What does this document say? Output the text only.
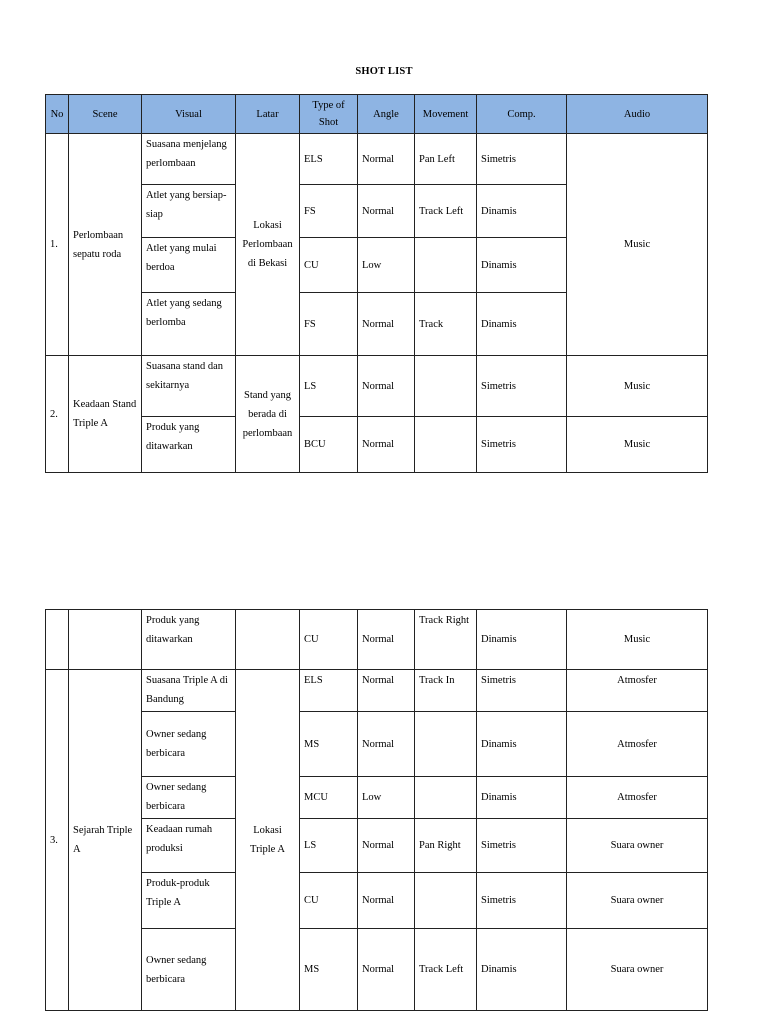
SHOT LIST
No	Scene	Visual	Latar	Type of Shot	Angle	Movement	Comp.	Audio
1.	Perlombaan sepatu roda	Suasana menjelang perlombaan	Lokasi Perlombaan di Bekasi	ELS	Normal	Pan Left	Simetris	Music
		Atlet yang bersiap-siap		FS	Normal	Track Left	Dinamis	
		Atlet yang mulai berdoa		CU	Low		Dinamis	
		Atlet yang sedang berlomba		FS	Normal	Track	Dinamis	
2.	Keadaan Stand Triple A	Suasana stand dan sekitarnya	Stand yang berada di perlombaan	LS	Normal		Simetris	Music
		Produk yang ditawarkan		BCU	Normal		Simetris	Music
		Produk yang ditawarkan		CU	Normal	Track Right	Dinamis	Music
3.	Sejarah Triple A	Suasana Triple A di Bandung	Lokasi Triple A	ELS	Normal	Track In	Simetris	Atmosfer
		Owner sedang berbicara		MS	Normal		Dinamis	Atmosfer
		Owner sedang berbicara		MCU	Low		Dinamis	Atmosfer
		Keadaan rumah produksi		LS	Normal	Pan Right	Simetris	Suara owner
		Produk-produk Triple A		CU	Normal		Simetris	Suara owner
		Owner sedang berbicara		MS	Normal	Track Left	Dinamis	Suara owner
